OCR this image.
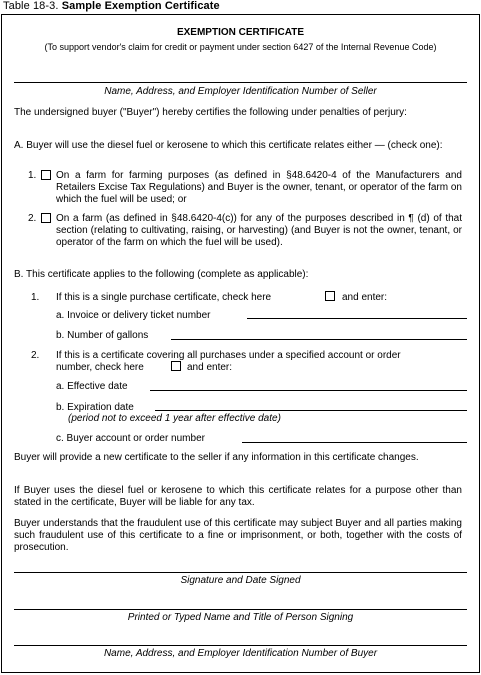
Table 18-3. Sample Exemption Certificate
EXEMPTION CERTIFICATE
(To support vendor's claim for credit or payment under section 6427 of the Internal Revenue Code)
Name, Address, and Employer Identification Number of Seller
The undersigned buyer ("Buyer") hereby certifies the following under penalties of perjury:
A. Buyer will use the diesel fuel or kerosene to which this certificate relates either — (check one):
1. On a farm for farming purposes (as defined in §48.6420-4 of the Manufacturers and Retailers Excise Tax Regulations) and Buyer is the owner, tenant, or operator of the farm on which the fuel will be used; or
2. On a farm (as defined in §48.6420-4(c)) for any of the purposes described in ¶ (d) of that section (relating to cultivating, raising, or harvesting) (and Buyer is not the owner, tenant, or operator of the farm on which the fuel will be used).
B. This certificate applies to the following (complete as applicable):
1. If this is a single purchase certificate, check here	and enter:
a. Invoice or delivery ticket number
b. Number of gallons
2. If this is a certificate covering all purchases under a specified account or order
number, check here	and enter:
a. Effective date
b. Expiration date
(period not to exceed 1 year after effective date)
c. Buyer account or order number
Buyer will provide a new certificate to the seller if any information in this certificate changes.
If Buyer uses the diesel fuel or kerosene to which this certificate relates for a purpose other than stated in the certificate, Buyer will be liable for any tax.
Buyer understands that the fraudulent use of this certificate may subject Buyer and all parties making such fraudulent use of this certificate to a fine or imprisonment, or both, together with the costs of prosecution.
Signature and Date Signed
Printed or Typed Name and Title of Person Signing
Name, Address, and Employer Identification Number of Buyer
